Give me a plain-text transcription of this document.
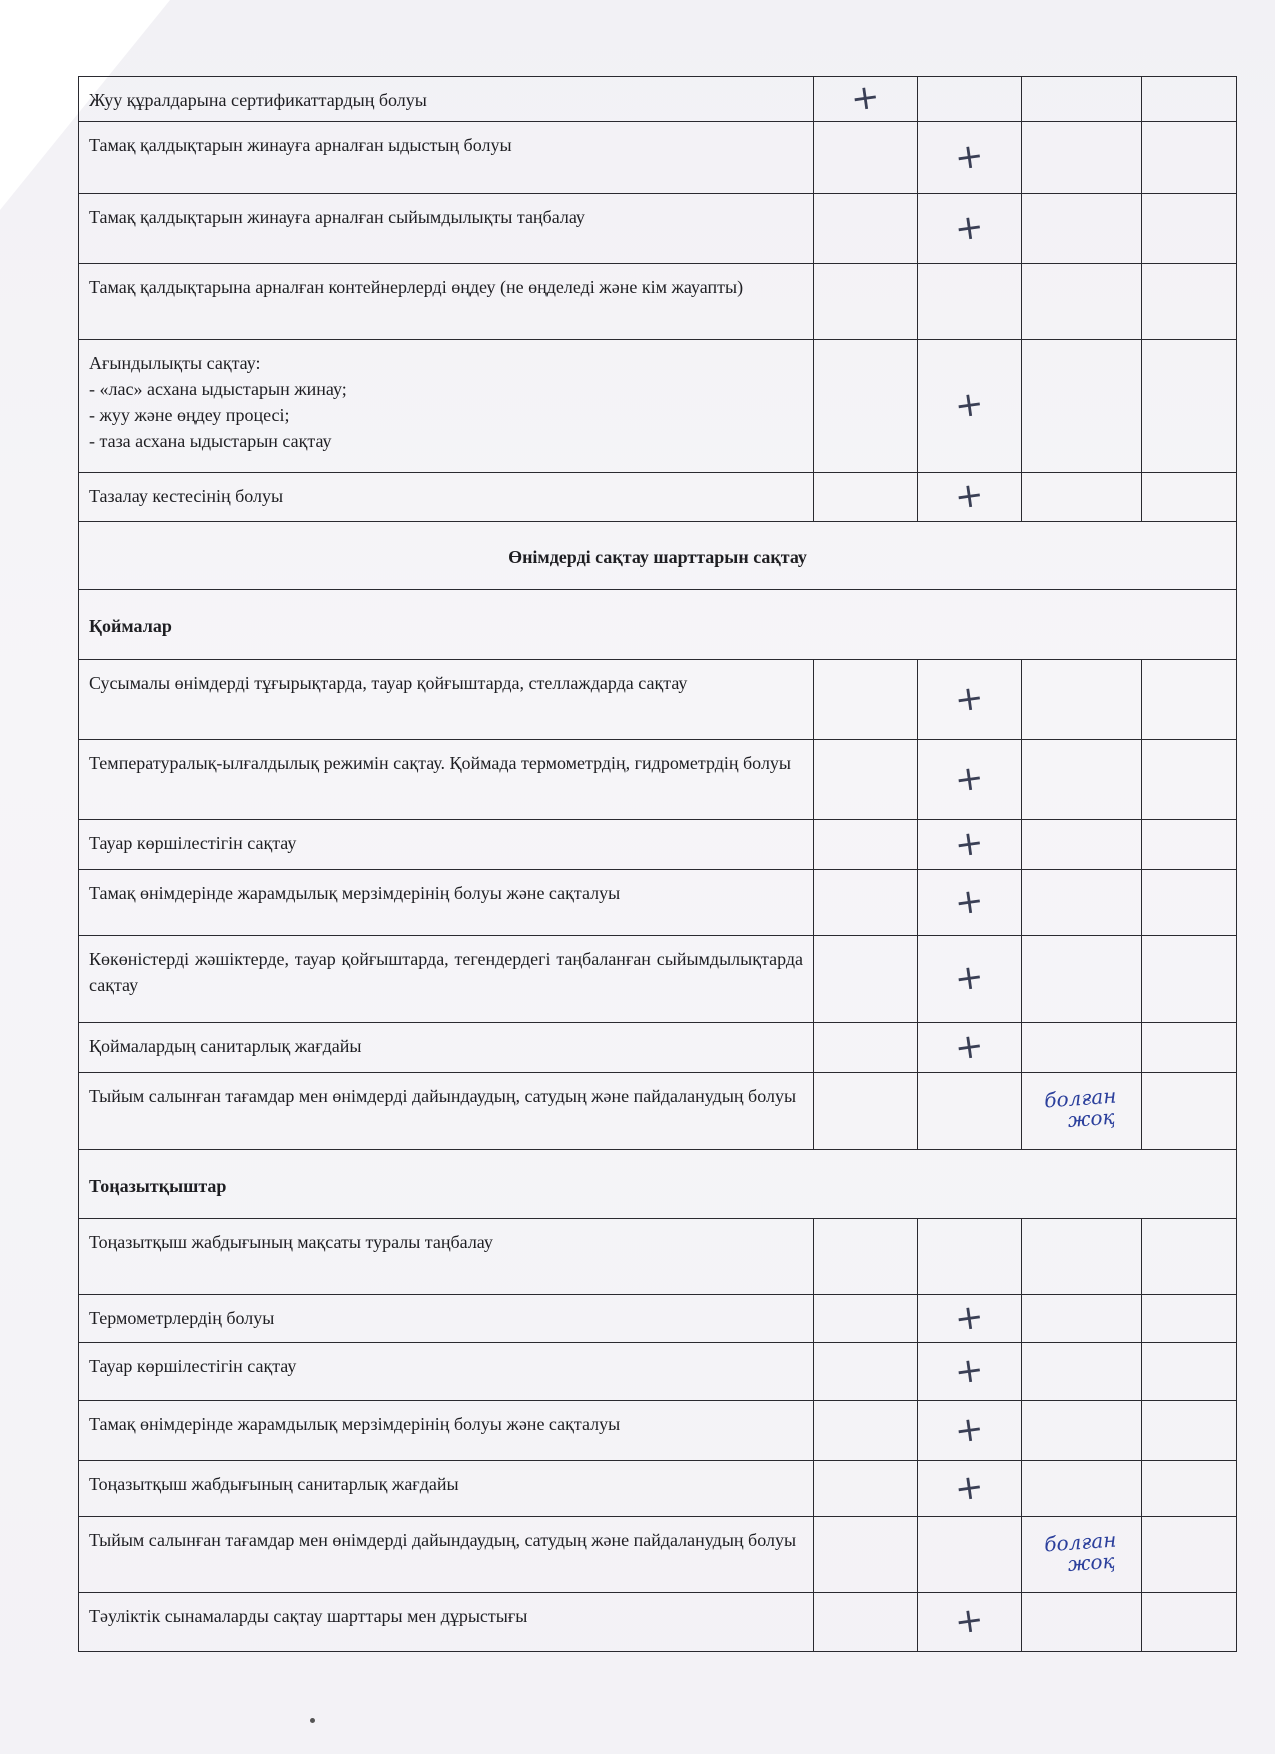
Жуу құралдарына сертификаттардың болуы	+			
Тамақ қалдықтарын жинауға арналған ыдыстың болуы		+		
Тамақ қалдықтарын жинауға арналған сыйымдылықты таңбалау		+		
Тамақ қалдықтарына арналған контейнерлерді өңдеу (не өңделеді және кім жауапты)				

Ағындылықты сақтау:
- «лас» асхана ыдыстарын жинау;
- жуу және өңдеу процесі;
- таза асхана ыдыстарын сақтау		+		
Тазалау кестесінің болуы		+		
Өнімдерді сақтау шарттарын сақтау				
Қоймалар				
Сусымалы өнімдерді тұғырықтарда, тауар қойғыштарда, стеллаждарда сақтау		+		
Температуралық-ылғалдылық режимін сақтау. Қоймада термометрдің, гидрометрдің болуы		+		
Тауар көршілестігін сақтау		+		
Тамақ өнімдерінде жарамдылық мерзімдерінің болуы және сақталуы		+		
Көкөністерді жәшіктерде, тауар қойғыштарда, тегендердегі таңбаланған сыйымдылықтарда сақтау		+		
Қоймалардың санитарлық жағдайы		+		
Тыйым салынған тағамдар мен өнімдерді дайындаудың, сатудың және пайдаланудың болуы			болған
жоқ	

Тоңазытқыштар				
Тоңазытқыш жабдығының мақсаты туралы таңбалау				
Термометрлердің болуы		+		
Тауар көршілестігін сақтау		+		
Тамақ өнімдерінде жарамдылық мерзімдерінің болуы және сақталуы		+		
Тоңазытқыш жабдығының санитарлық жағдайы		+		
Тыйым салынған тағамдар мен өнімдерді дайындаудың, сатудың және пайдаланудың болуы			болған
жоқ	

Тәуліктік сынамаларды сақтау шарттары мен дұрыстығы		+		
